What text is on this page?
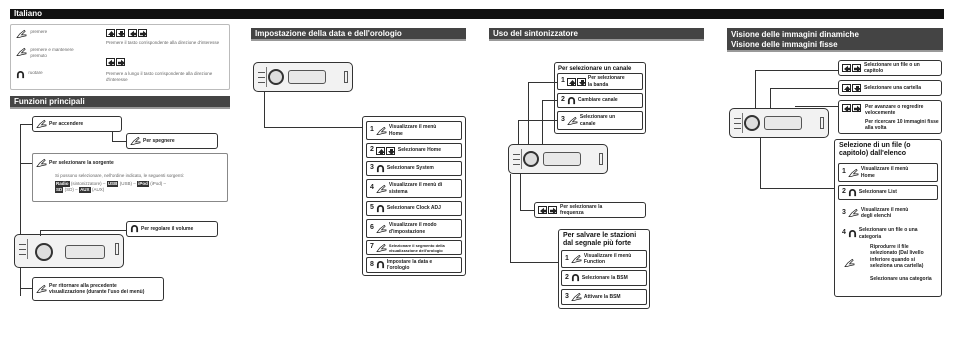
Italiano
premere
premere e mantenere premuto
ruotare
Premere il tasto corrispondente alla direzione d'interesse
Premere a lungo il tasto corrispondente alla direzione d'interesse
Funzioni principali
Per accendere
Per spegnere
Per selezionare la sorgente
Si possono selezionare, nell'ordine indicato, le seguenti sorgenti:
Radio (sintonizzatore) – USB (USB) – iPod (iPod) –
SD (SD) – AUX (AUX)
Per regolare il volume
Per ritornare alla precedente visualizzazione (durante l'uso dei menù)
Impostazione della data e dell'orologio
1	Visualizzare il menù Home
2	Selezionare Home
3	Selezionare System
4	Visualizzare il menù di sistema
5	Selezionare Clock ADJ
6	Visualizzare il modo d'impostazione
7	Selezionare il segmento della visualizzazione dell'orologio
8	Impostare la data e l'orologio
Uso del sintonizzatore
Per selezionare un canale
1	Per selezionare la banda
2	Cambiare canale
3	Selezionare un canale
Per selezionare la frequenza
Per salvare le stazioni dal segnale più forte
1	Visualizzare il menù Function
2	Selezionare la BSM
3	Attivare la BSM
Visione delle immagini dinamiche
Visione delle immagini fisse
Selezionare un file o un capitolo
Selezionare una cartella
Per avanzare o regredire velocemente
Per ricercare 10 immagini fisse alla volta
Selezione di un file (o capitolo) dall'elenco
1	Visualizzare il menù Home
2	Selezionare List
3	Visualizzare il menù degli elenchi
4	Selezionare un file o una categoria
Riprodurre il file selezionato (Dal livello inferiore quando si seleziona una cartella)
Selezionare una categoria
